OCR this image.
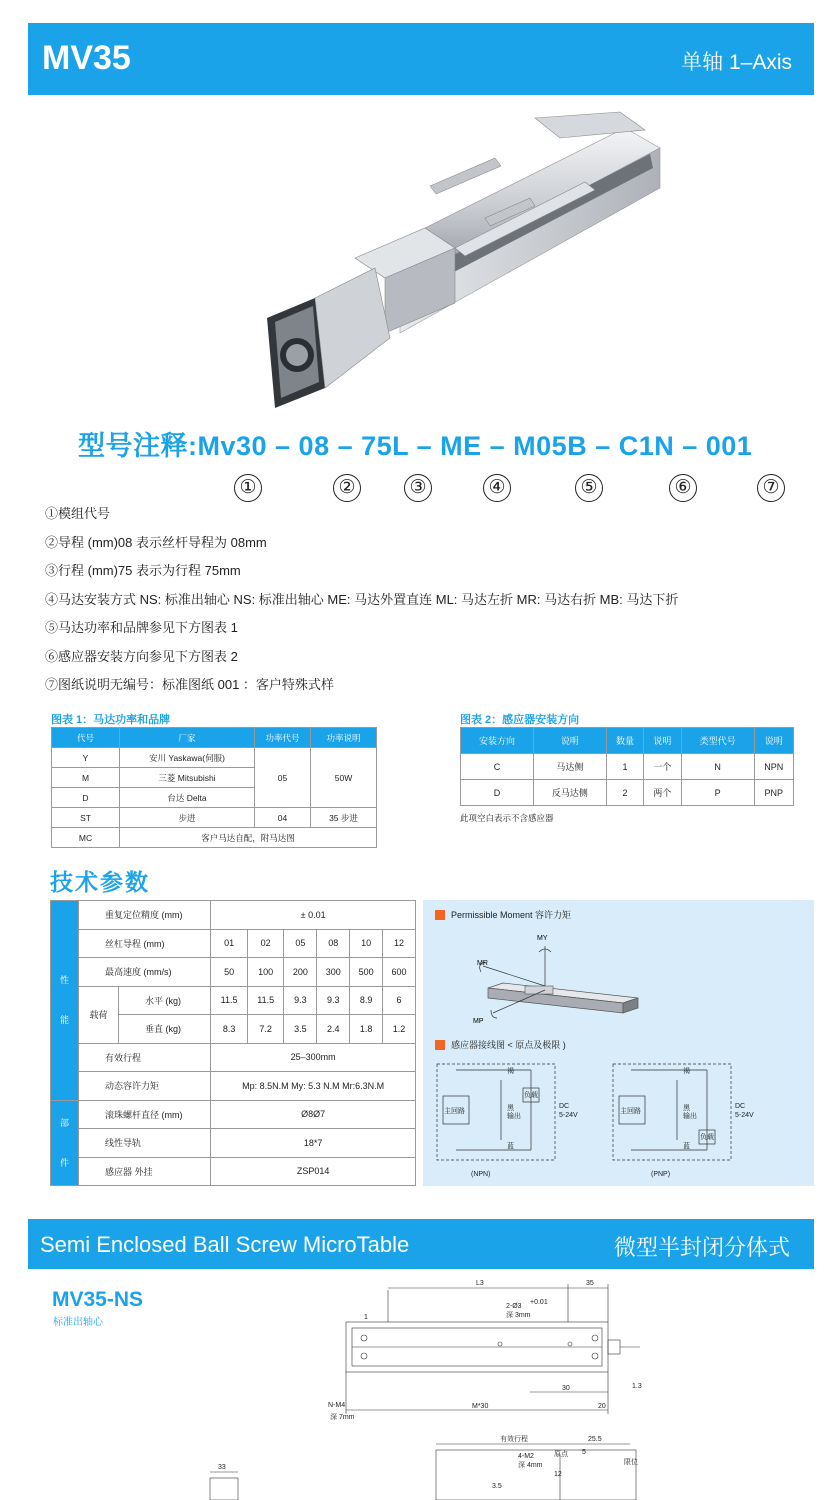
MV35	单轴 1–Axis
型号注释:Mv30 – 08 – 75L – ME – M05B – C1N – 001
①	②	③	④	⑤	⑥	⑦
①模组代号
②导程 (mm)08 表示丝杆导程为 08mm
③行程 (mm)75 表示为行程 75mm
④马达安装方式 NS: 标准出轴心 NS: 标准出轴心 ME: 马达外置直连 ML: 马达左折 MR: 马达右折 MB: 马达下折
⑤马达功率和品牌参见下方图表 1
⑥感应器安装方向参见下方图表 2
⑦图纸说明无编号：标准图纸 001 ：客户特殊式样
图表 1：马达功率和品牌
代号	厂家	功率代号	功率说明
Y	安川 Yaskawa(伺服)	05	50W
M	三菱 Mitsubishi		
D	台达 Delta		
ST	步进	04	35 步进
MC	客户马达自配，附马达图		
图表 2：感应器安装方向
安装方向	说明	数量	说明	类型代号	说明
C	马达侧	1	一个	N	NPN
D	反马达侧	2	两个	P	PNP
此项空白表示不含感应器
技术参数
性

能	重复定位精度 (mm)		± 0.01					
	丝杠导程 (mm)		01	02	05	08	10	12
	最高速度 (mm/s)		50	100	200	300	500	600
	载荷	水平 (kg)	11.5	11.5	9.3	9.3	8.9	6
		垂直 (kg)	8.3	7.2	3.5	2.4	1.8	1.2
	有效行程		25–300mm					
	动态容许力矩		Mp: 8.5N.M My: 5.3 N.M Mr:6.3N.M					
部

件	滚珠螺杆直径 (mm)		Ø8Ø7					
	线性导轨		18*7					
	感应器 外挂		ZSP014					
Permissible Moment 容许力矩
MY
MR
MP
感应器接线图 < 原点及极限 )
主回路
负载
褐
黑
输出
蓝
DC
5-24V
(NPN)
主回路
负载
褐
黑
输出
蓝
DC
5-24V
(PNP)
Semi Enclosed Ball Screw MicroTable	微型半封闭分体式
MV35-NS
标准出轴心
L3	35
1
2-Ø3
+0.01
深 3mm
30	1.3
N-M4
深 7mm
M*30	20
有效行程	25.5
4-M2
深 4mm
原点 5
12
限位
3.5
33
